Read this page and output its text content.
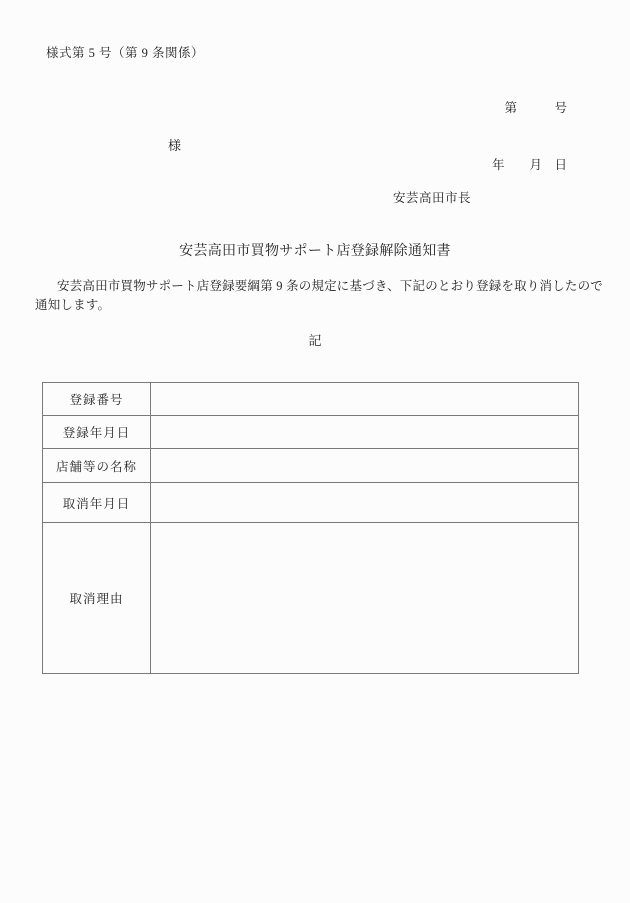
様式第 5 号（第 9 条関係）

第　　　号

年　　月　日

様
安芸高田市長
安芸高田市買物サポート店登録解除通知書
安芸高田市買物サポート店登録要綱第 9 条の規定に基づき、下記のとおり登録を取り消したので
通知します。
記
登録番号	
登録年月日	
店舗等の名称	
取消年月日	
取消理由	
